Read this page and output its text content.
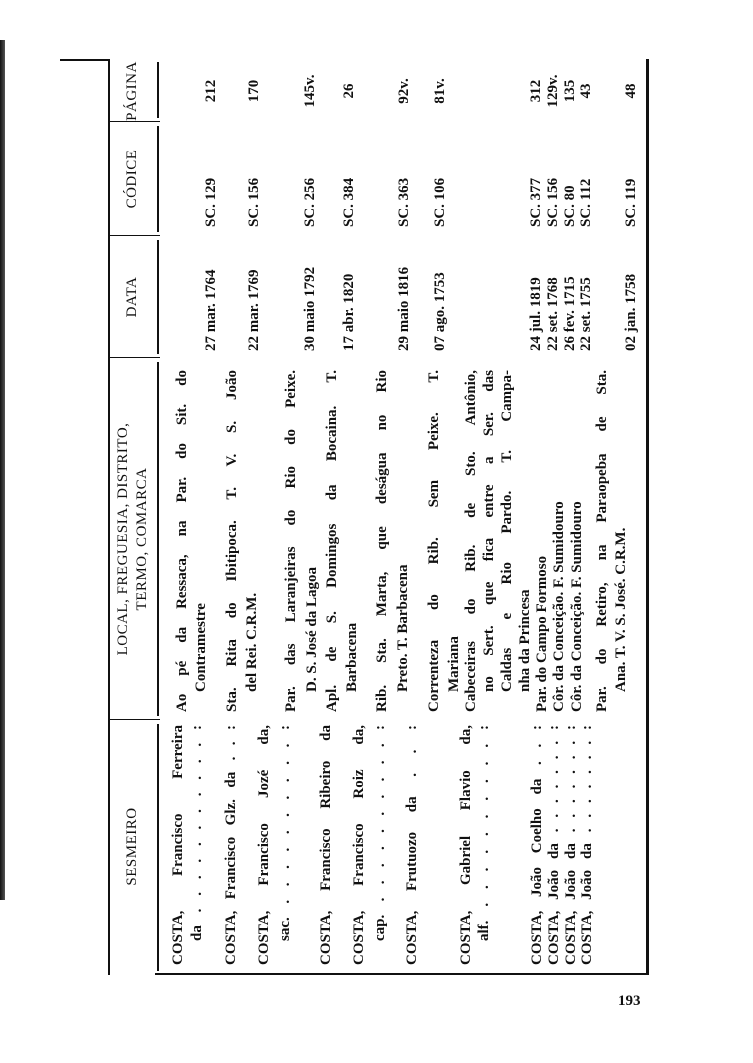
193
SESMEIRO
LOCAL, FREGUESIA, DISTRITO, TERMO, COMARCA
DATA
CÓDICE
PÁGINA
COSTA, Francisco Ferreira da . . . . . . . . . . . :
Ao pé da Ressaca, na Par. do Sit. do Contramestre
27 mar. 1764
SC. 129
212
COSTA, Francisco Glz. da . . :
Sta. Rita do Ibitipoca. T. V. S. João del Rei. C.R.M.
22 mar. 1769
SC. 156
170
COSTA, Francisco Jozé da, sac. . . . . . . . . . . :
Par. das Laranjeiras do Rio do Peixe. D. S. José da Lagoa
30 maio 1792
SC. 256
145v.
COSTA, Francisco Ribeiro da
Apl. de S. Domingos da Bocaina. T. Barbacena
17 abr. 1820
SC. 384
26
COSTA, Francisco Roiz da, cap. . . . . . . . . . . :
Rib. Sta. Marta, que deságua no Rio Preto. T. Barbacena
29 maio 1816
SC. 363
92v.
COSTA, Frutuozo da . . :
Correnteza do Rib. Sem Peixe. T. Mariana
07 ago. 1753
SC. 106
81v.
COSTA, Gabriel Flavio da, alf. . . . . . . . . . . :
Cabeceiras do Rib. de Sto. Antônio, no Sert. que fica entre a Ser. das Caldas e Rio Pardo. T. Campa- nha da Princesa
COSTA, João Coelho da . . :
Par. do Campo Formoso
24 jul. 1819
SC. 377
312
COSTA, João da . . . . . . . :
Côr. da Conceição. F. Sumidouro
22 set. 1768
SC. 156
129v.
COSTA, João da . . . . . . . :
Côr. da Conceição. F. Sumidouro
26 fev. 1715
SC. 80
135
COSTA, João da . . . . . . . :
Par. do Retiro, na Paraopeba de Sta. Ana. T. V. S. José. C.R.M.
22 set. 1755
SC. 112
43
02 jan. 1758
SC. 119
48
